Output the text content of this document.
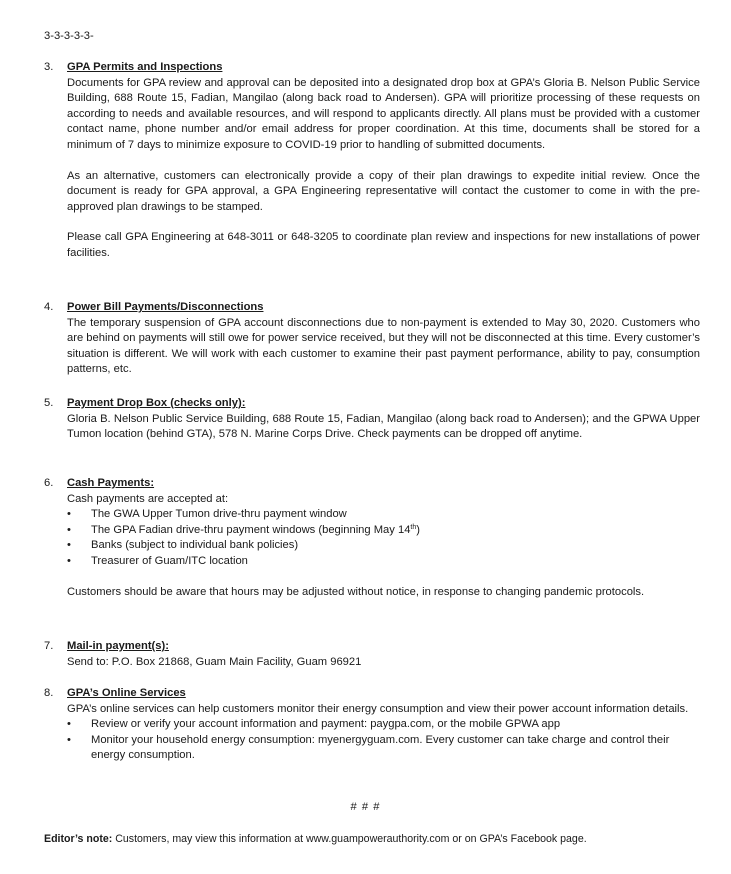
3-3-3-3-3-
3. GPA Permits and Inspections
Documents for GPA review and approval can be deposited into a designated drop box at GPA’s Gloria B. Nelson Public Service Building, 688 Route 15, Fadian, Mangilao (along back road to Andersen). GPA will prioritize processing of these requests on according to needs and available resources, and will respond to applicants directly. All plans must be provided with a customer contact name, phone number and/or email address for proper coordination. At this time, documents shall be stored for a minimum of 7 days to minimize exposure to COVID-19 prior to handling of submitted documents.
As an alternative, customers can electronically provide a copy of their plan drawings to expedite initial review. Once the document is ready for GPA approval, a GPA Engineering representative will contact the customer to come in with the pre-approved plan drawings to be stamped.
Please call GPA Engineering at 648-3011 or 648-3205 to coordinate plan review and inspections for new installations of power facilities.
4. Power Bill Payments/Disconnections
The temporary suspension of GPA account disconnections due to non-payment is extended to May 30, 2020. Customers who are behind on payments will still owe for power service received, but they will not be disconnected at this time. Every customer’s situation is different. We will work with each customer to examine their past payment performance, ability to pay, consumption patterns, etc.
5. Payment Drop Box (checks only):
Gloria B. Nelson Public Service Building, 688 Route 15, Fadian, Mangilao (along back road to Andersen); and the GPWA Upper Tumon location (behind GTA), 578 N. Marine Corps Drive. Check payments can be dropped off anytime.
6. Cash Payments:
Cash payments are accepted at:
• The GWA Upper Tumon drive-thru payment window
• The GPA Fadian drive-thru payment windows (beginning May 14th)
• Banks (subject to individual bank policies)
• Treasurer of Guam/ITC location
Customers should be aware that hours may be adjusted without notice, in response to changing pandemic protocols.
7. Mail-in payment(s):
Send to: P.O. Box 21868, Guam Main Facility, Guam 96921
8. GPA’s Online Services
GPA’s online services can help customers monitor their energy consumption and view their power account information details.
• Review or verify your account information and payment: paygpa.com, or the mobile GPWA app
• Monitor your household energy consumption: myenergyguam.com. Every customer can take charge and control their energy consumption.
# # #
Editor’s note: Customers, may view this information at www.guampowerauthority.com or on GPA’s Facebook page.
